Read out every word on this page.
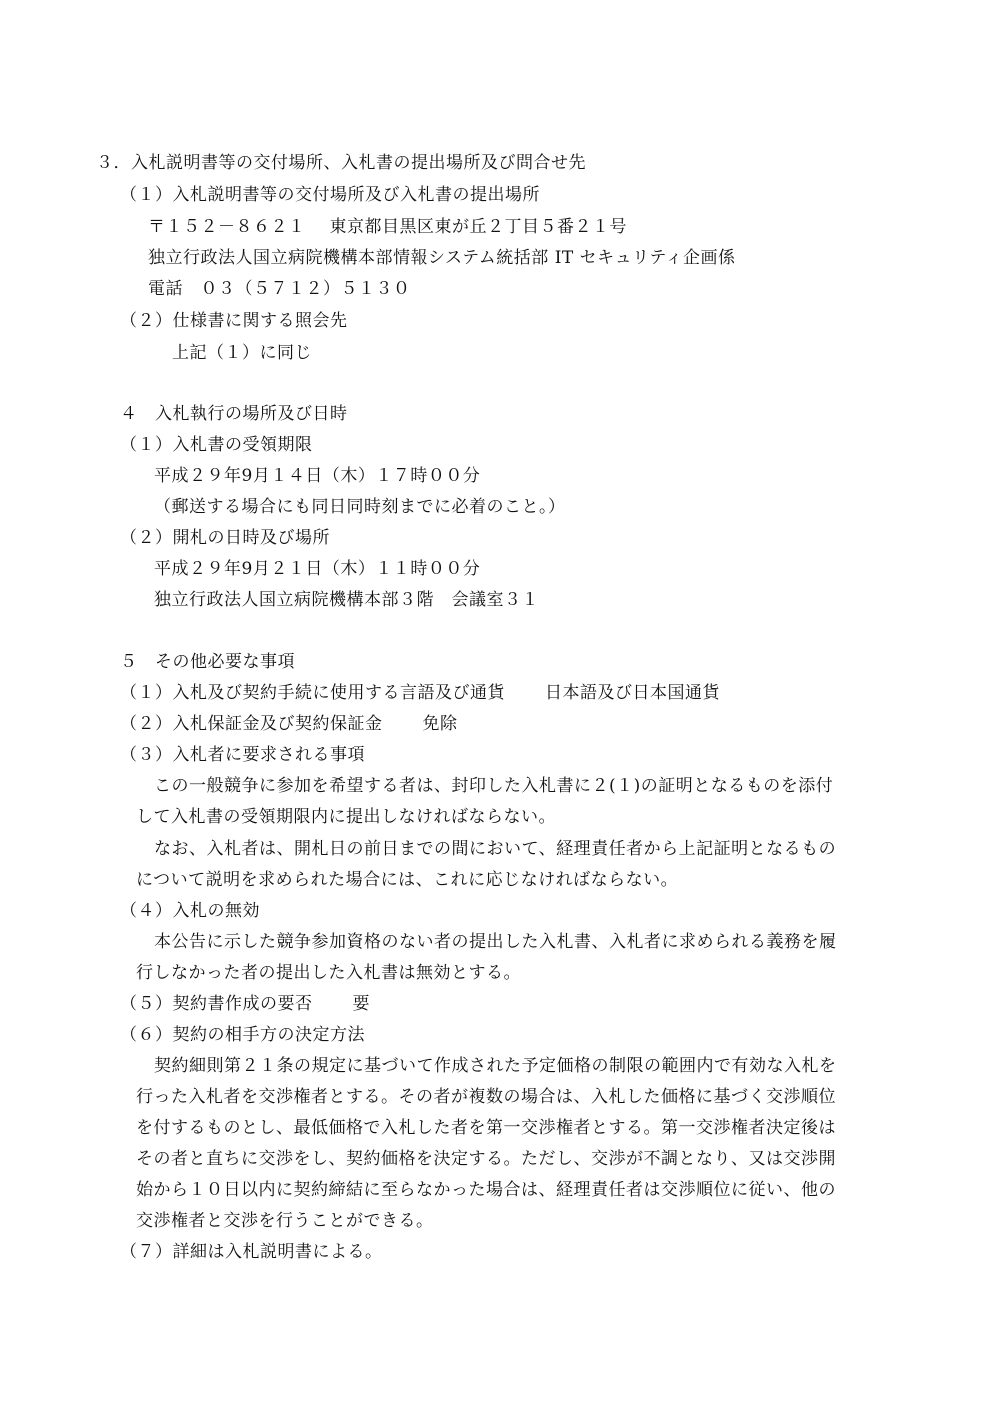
３．入札説明書等の交付場所、入札書の提出場所及び問合せ先
（１）入札説明書等の交付場所及び入札書の提出場所
〒１５２－８６２１ 東京都目黒区東が丘２丁目５番２１号
独立行政法人国立病院機構本部情報システム統括部 IT セキュリティ企画係
電話　０３（５７１２）５１３０
（２）仕様書に関する照会先
上記（１）に同じ
４　入札執行の場所及び日時
（１）入札書の受領期限
平成２９年9月１４日（木）１７時００分
（郵送する場合にも同日同時刻までに必着のこと。）
（２）開札の日時及び場所
平成２９年9月２１日（木）１１時００分
独立行政法人国立病院機構本部３階　会議室３１
５　その他必要な事項
（１）入札及び契約手続に使用する言語及び通貨 日本語及び日本国通貨
（２）入札保証金及び契約保証金 免除
（３）入札者に要求される事項
この一般競争に参加を希望する者は、封印した入札書に２(１)の証明となるものを添付
して入札書の受領期限内に提出しなければならない。
なお、入札者は、開札日の前日までの間において、経理責任者から上記証明となるもの
について説明を求められた場合には、これに応じなければならない。
（４）入札の無効
本公告に示した競争参加資格のない者の提出した入札書、入札者に求められる義務を履
行しなかった者の提出した入札書は無効とする。
（５）契約書作成の要否 要
（６）契約の相手方の決定方法
契約細則第２１条の規定に基づいて作成された予定価格の制限の範囲内で有効な入札を
行った入札者を交渉権者とする。その者が複数の場合は、入札した価格に基づく交渉順位
を付するものとし、最低価格で入札した者を第一交渉権者とする。第一交渉権者決定後は
その者と直ちに交渉をし、契約価格を決定する。ただし、交渉が不調となり、又は交渉開
始から１０日以内に契約締結に至らなかった場合は、経理責任者は交渉順位に従い、他の
交渉権者と交渉を行うことができる。
（７）詳細は入札説明書による。
